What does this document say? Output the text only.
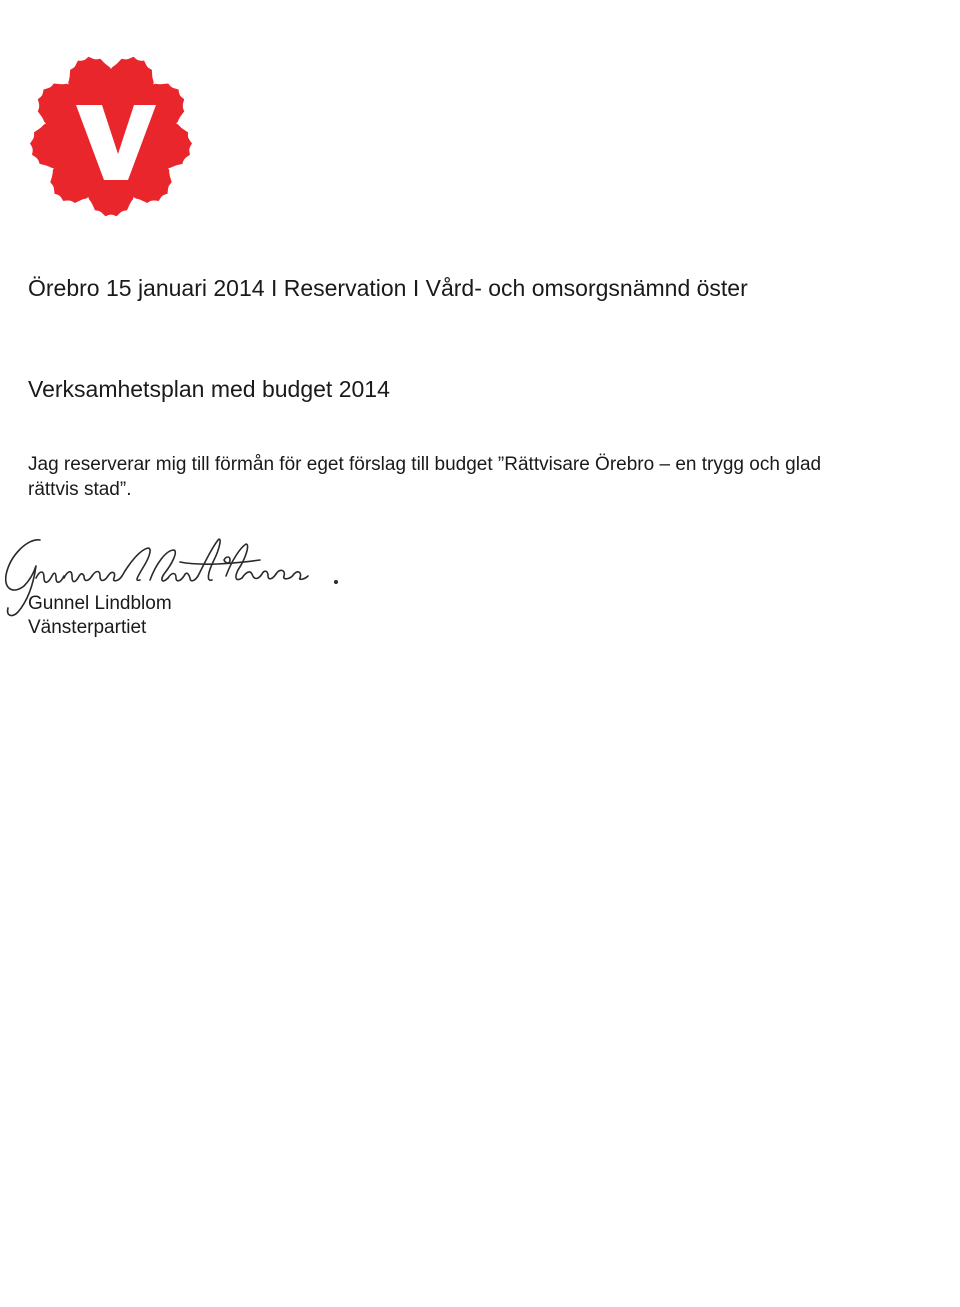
Örebro 15 januari 2014 I Reservation I Vård- och omsorgsnämnd öster
Verksamhetsplan med budget 2014

Jag reserverar mig till förmån för eget förslag till budget ”Rättvisare Örebro – en trygg och glad rättvis stad”.

Gunnel Lindblom
Vänsterpartiet
